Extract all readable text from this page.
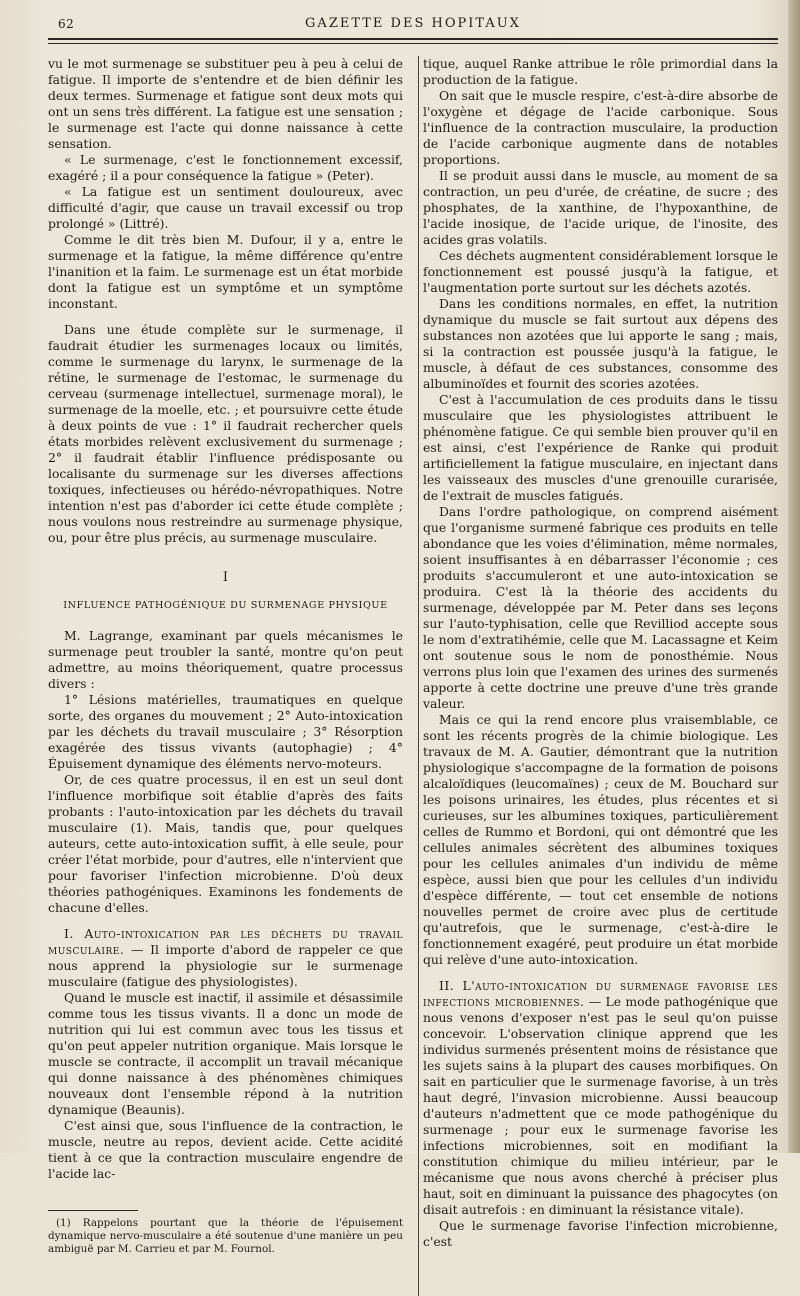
62	GAZETTE DES HOPITAUX

vu le mot surmenage se substituer peu à peu à celui de fatigue. Il importe de s'entendre et de bien définir les deux termes. Surmenage et fatigue sont deux mots qui ont un sens très différent. La fatigue est une sensation ; le surmenage est l'acte qui donne naissance à cette sensation.

« Le surmenage, c'est le fonctionnement excessif, exagéré ; il a pour conséquence la fatigue » (Peter).

« La fatigue est un sentiment douloureux, avec difficulté d'agir, que cause un travail excessif ou trop prolongé » (Littré).

Comme le dit très bien M. Dufour, il y a, entre le surmenage et la fatigue, la même différence qu'entre l'inanition et la faim. Le surmenage est un état morbide dont la fatigue est un symptôme et un symptôme inconstant.

Dans une étude complète sur le surmenage, il faudrait étudier les surmenages locaux ou limités, comme le surmenage du larynx, le surmenage de la rétine, le surmenage de l'estomac, le surmenage du cerveau (surmenage intellectuel, surmenage moral), le surmenage de la moelle, etc. ; et poursuivre cette étude à deux points de vue : 1° il faudrait rechercher quels états morbides relèvent exclusivement du surmenage ; 2° il faudrait établir l'influence prédisposante ou localisante du surmenage sur les diverses affections toxiques, infectieuses ou hérédo-névropathiques. Notre intention n'est pas d'aborder ici cette étude complète ; nous voulons nous restreindre au surmenage physique, ou, pour être plus précis, au surmenage musculaire.

I
INFLUENCE PATHOGÉNIQUE DU SURMENAGE PHYSIQUE

M. Lagrange, examinant par quels mécanismes le surmenage peut troubler la santé, montre qu'on peut admettre, au moins théoriquement, quatre processus divers :

1° Lésions matérielles, traumatiques en quelque sorte, des organes du mouvement ; 2° Auto-intoxication par les déchets du travail musculaire ; 3° Résorption exagérée des tissus vivants (autophagie) ; 4° Épuisement dynamique des éléments nervo-moteurs.

Or, de ces quatre processus, il en est un seul dont l'influence morbifique soit établie d'après des faits probants : l'auto-intoxication par les déchets du travail musculaire (1). Mais, tandis que, pour quelques auteurs, cette auto-intoxication suffit, à elle seule, pour créer l'état morbide, pour d'autres, elle n'intervient que pour favoriser l'infection microbienne. D'où deux théories pathogéniques. Examinons les fondements de chacune d'elles.

I. Auto-intoxication par les déchets du travail musculaire. — Il importe d'abord de rappeler ce que nous apprend la physiologie sur le surmenage musculaire (fatigue des physiologistes).

Quand le muscle est inactif, il assimile et désassimile comme tous les tissus vivants. Il a donc un mode de nutrition qui lui est commun avec tous les tissus et qu'on peut appeler nutrition organique. Mais lorsque le muscle se contracte, il accomplit un travail mécanique qui donne naissance à des phénomènes chimiques nouveaux dont l'ensemble répond à la nutrition dynamique (Beaunis).

C'est ainsi que, sous l'influence de la contraction, le muscle, neutre au repos, devient acide. Cette acidité tient à ce que la contraction musculaire engendre de l'acide lac-

(1) Rappelons pourtant que la théorie de l'épuisement dynamique nervo-musculaire a été soutenue d'une manière un peu ambiguë par M. Carrieu et par M. Fournol.

tique, auquel Ranke attribue le rôle primordial dans la production de la fatigue.

On sait que le muscle respire, c'est-à-dire absorbe de l'oxygène et dégage de l'acide carbonique. Sous l'influence de la contraction musculaire, la production de l'acide carbonique augmente dans de notables proportions.

Il se produit aussi dans le muscle, au moment de sa contraction, un peu d'urée, de créatine, de sucre ; des phosphates, de la xanthine, de l'hypoxanthine, de l'acide inosique, de l'acide urique, de l'inosite, des acides gras volatils.

Ces déchets augmentent considérablement lorsque le fonctionnement est poussé jusqu'à la fatigue, et l'augmentation porte surtout sur les déchets azotés.

Dans les conditions normales, en effet, la nutrition dynamique du muscle se fait surtout aux dépens des substances non azotées que lui apporte le sang ; mais, si la contraction est poussée jusqu'à la fatigue, le muscle, à défaut de ces substances, consomme des albuminoïdes et fournit des scories azotées.

C'est à l'accumulation de ces produits dans le tissu musculaire que les physiologistes attribuent le phénomène fatigue. Ce qui semble bien prouver qu'il en est ainsi, c'est l'expérience de Ranke qui produit artificiellement la fatigue musculaire, en injectant dans les vaisseaux des muscles d'une grenouille curarisée, de l'extrait de muscles fatigués.

Dans l'ordre pathologique, on comprend aisément que l'organisme surmené fabrique ces produits en telle abondance que les voies d'élimination, même normales, soient insuffisantes à en débarrasser l'économie ; ces produits s'accumuleront et une auto-intoxication se produira. C'est là la théorie des accidents du surmenage, développée par M. Peter dans ses leçons sur l'auto-typhisation, celle que Revilliod accepte sous le nom d'extratihémie, celle que M. Lacassagne et Keim ont soutenue sous le nom de ponosthémie. Nous verrons plus loin que l'examen des urines des surmenés apporte à cette doctrine une preuve d'une très grande valeur.

Mais ce qui la rend encore plus vraisemblable, ce sont les récents progrès de la chimie biologique. Les travaux de M. A. Gautier, démontrant que la nutrition physiologique s'accompagne de la formation de poisons alcaloïdiques (leucomaïnes) ; ceux de M. Bouchard sur les poisons urinaires, les études, plus récentes et si curieuses, sur les albumines toxiques, particulièrement celles de Rummo et Bordoni, qui ont démontré que les cellules animales sécrètent des albumines toxiques pour les cellules animales d'un individu de même espèce, aussi bien que pour les cellules d'un individu d'espèce différente, — tout cet ensemble de notions nouvelles permet de croire avec plus de certitude qu'autrefois, que le surmenage, c'est-à-dire le fonctionnement exagéré, peut produire un état morbide qui relève d'une auto-intoxication.

II. L'auto-intoxication du surmenage favorise les infections microbiennes. — Le mode pathogénique que nous venons d'exposer n'est pas le seul qu'on puisse concevoir. L'observation clinique apprend que les individus surmenés présentent moins de résistance que les sujets sains à la plupart des causes morbifiques. On sait en particulier que le surmenage favorise, à un très haut degré, l'invasion microbienne. Aussi beaucoup d'auteurs n'admettent que ce mode pathogénique du surmenage ; pour eux le surmenage favorise les infections microbiennes, soit en modifiant la constitution chimique du milieu intérieur, par le mécanisme que nous avons cherché à préciser plus haut, soit en diminuant la puissance des phagocytes (on disait autrefois : en diminuant la résistance vitale).

Que le surmenage favorise l'infection microbienne, c'est
